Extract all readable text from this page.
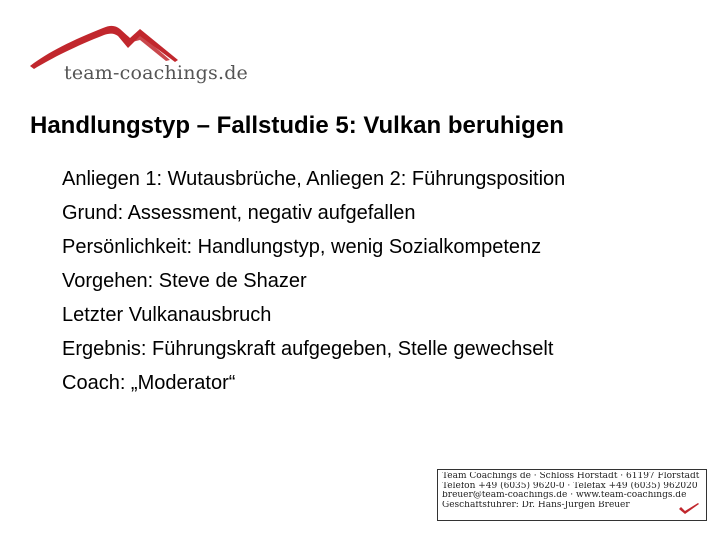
team-coachings.de
Handlungstyp – Fallstudie 5: Vulkan beruhigen
Anliegen 1: Wutausbrüche, Anliegen 2: Führungsposition
Grund: Assessment, negativ aufgefallen
Persönlichkeit: Handlungstyp, wenig Sozialkompetenz
Vorgehen: Steve de Shazer
Letzter Vulkanausbruch
Ergebnis: Führungskraft aufgegeben, Stelle gewechselt
Coach: „Moderator“
Team Coachings de · Schloss Horstadt · 61197 Florstadt
Telefon +49 (6035) 9620-0 · Telefax +49 (6035) 962020
breuer@team-coachings.de · www.team-coachings.de
Geschäftsführer: Dr. Hans-Jürgen Breuer
